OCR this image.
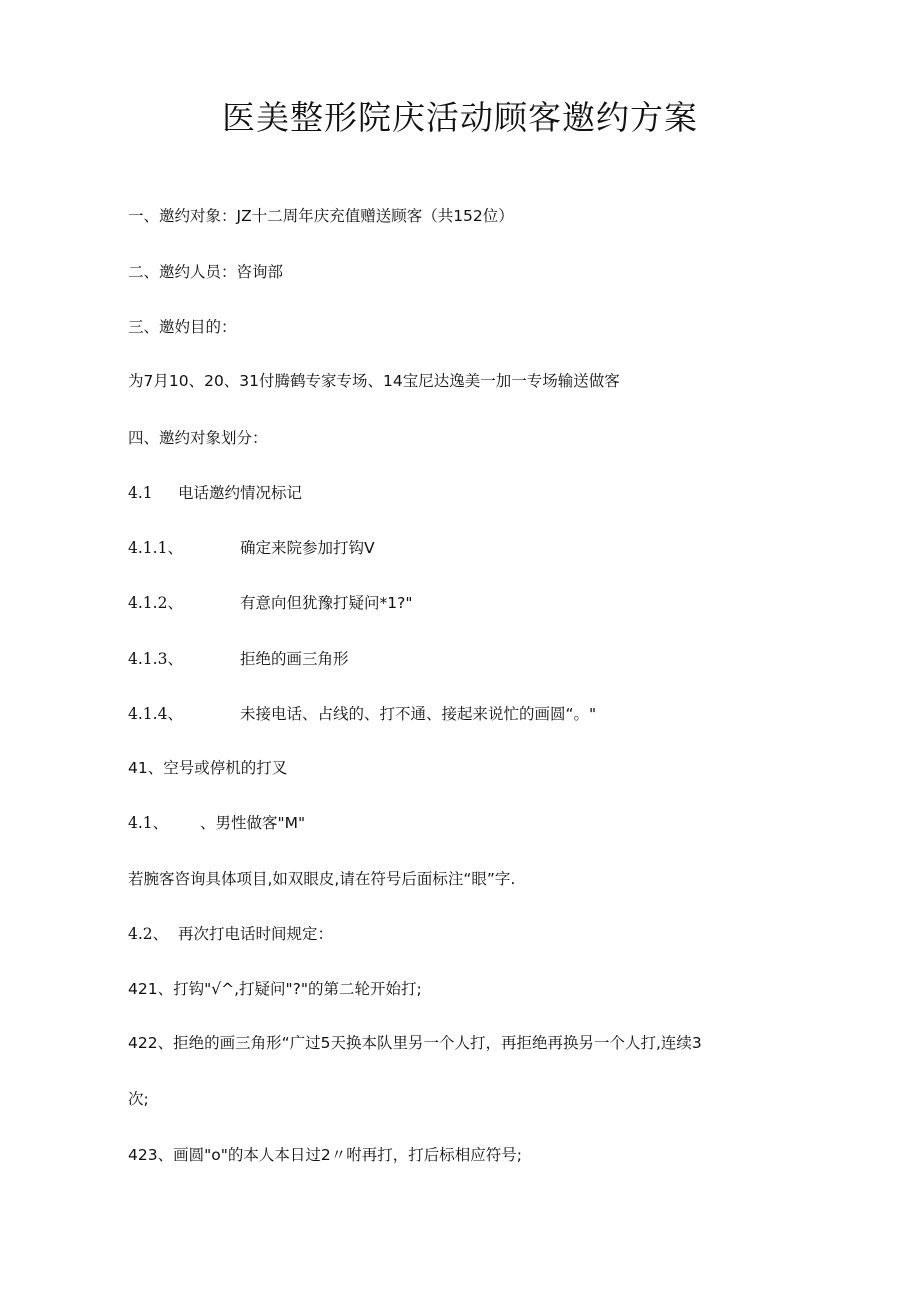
医美整形院庆活动顾客邀约方案
一、邀约对象：JZ十二周年庆充值赠送顾客（共152位）
二、邀约人员：咨询部
三、邀妁目的：
为7月10、20、31付腾鹤专家专场、14宝尼达逸美一加一专场输送做客
四、邀约对象划分：
4.1 电话邀约情况标记
4.1.1、	确定来院参加打钩V
4.1.2、	有意向但犹豫打疑问*1?"
4.1.3、	拒绝的画三角形
4.1.4、	未接电话、占线的、打不通、接起来说忙的画圆“。"
41、空号或停机的打叉
4.1、 、男性做客"M"
若腕客咨询具体项目,如双眼皮,请在符号后面标注“眼”字.
4.2、 再次打电话时间规定：
421、打钩"√^,打疑问"?"的第二轮开始打;
422、拒绝的画三角形“广过5天换本队里另一个人打，再拒绝再换另一个人打,连续3
次;
423、画圆"o"的本人本日过2〃咐再打，打后标相应符号;
